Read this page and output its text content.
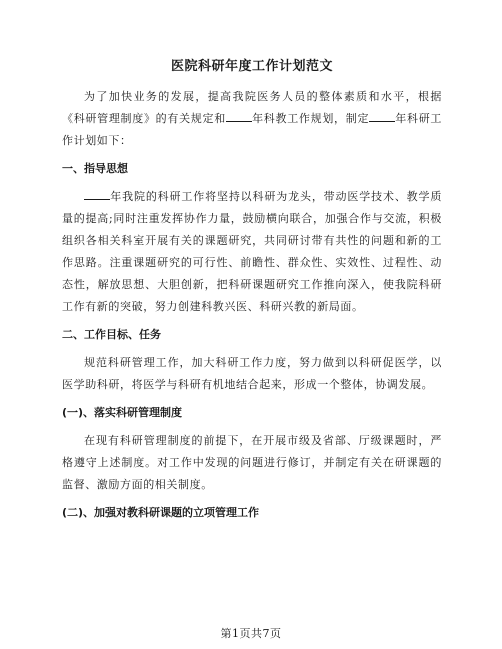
医院科研年度工作计划范文

为了加快业务的发展，提高我院医务人员的整体素质和水平，根据《科研管理制度》的有关规定和 年科教工作规划，制定 年科研工作计划如下：

一、指导思想

年我院的科研工作将坚持以科研为龙头，带动医学技术、教学质量的提高;同时注重发挥协作力量，鼓励横向联合，加强合作与交流，积极组织各相关科室开展有关的课题研究，共同研讨带有共性的问题和新的工作思路。注重课题研究的可行性、前瞻性、群众性、实效性、过程性、动态性，解放思想、大胆创新，把科研课题研究工作推向深入，使我院科研工作有新的突破，努力创建科教兴医、科研兴教的新局面。

二、工作目标、任务

规范科研管理工作，加大科研工作力度，努力做到以科研促医学，以医学助科研，将医学与科研有机地结合起来，形成一个整体，协调发展。

(一)、落实科研管理制度

在现有科研管理制度的前提下，在开展市级及省部、厅级课题时，严格遵守上述制度。对工作中发现的问题进行修订，并制定有关在研课题的监督、激励方面的相关制度。

(二)、加强对教科研课题的立项管理工作
第1页共7页
